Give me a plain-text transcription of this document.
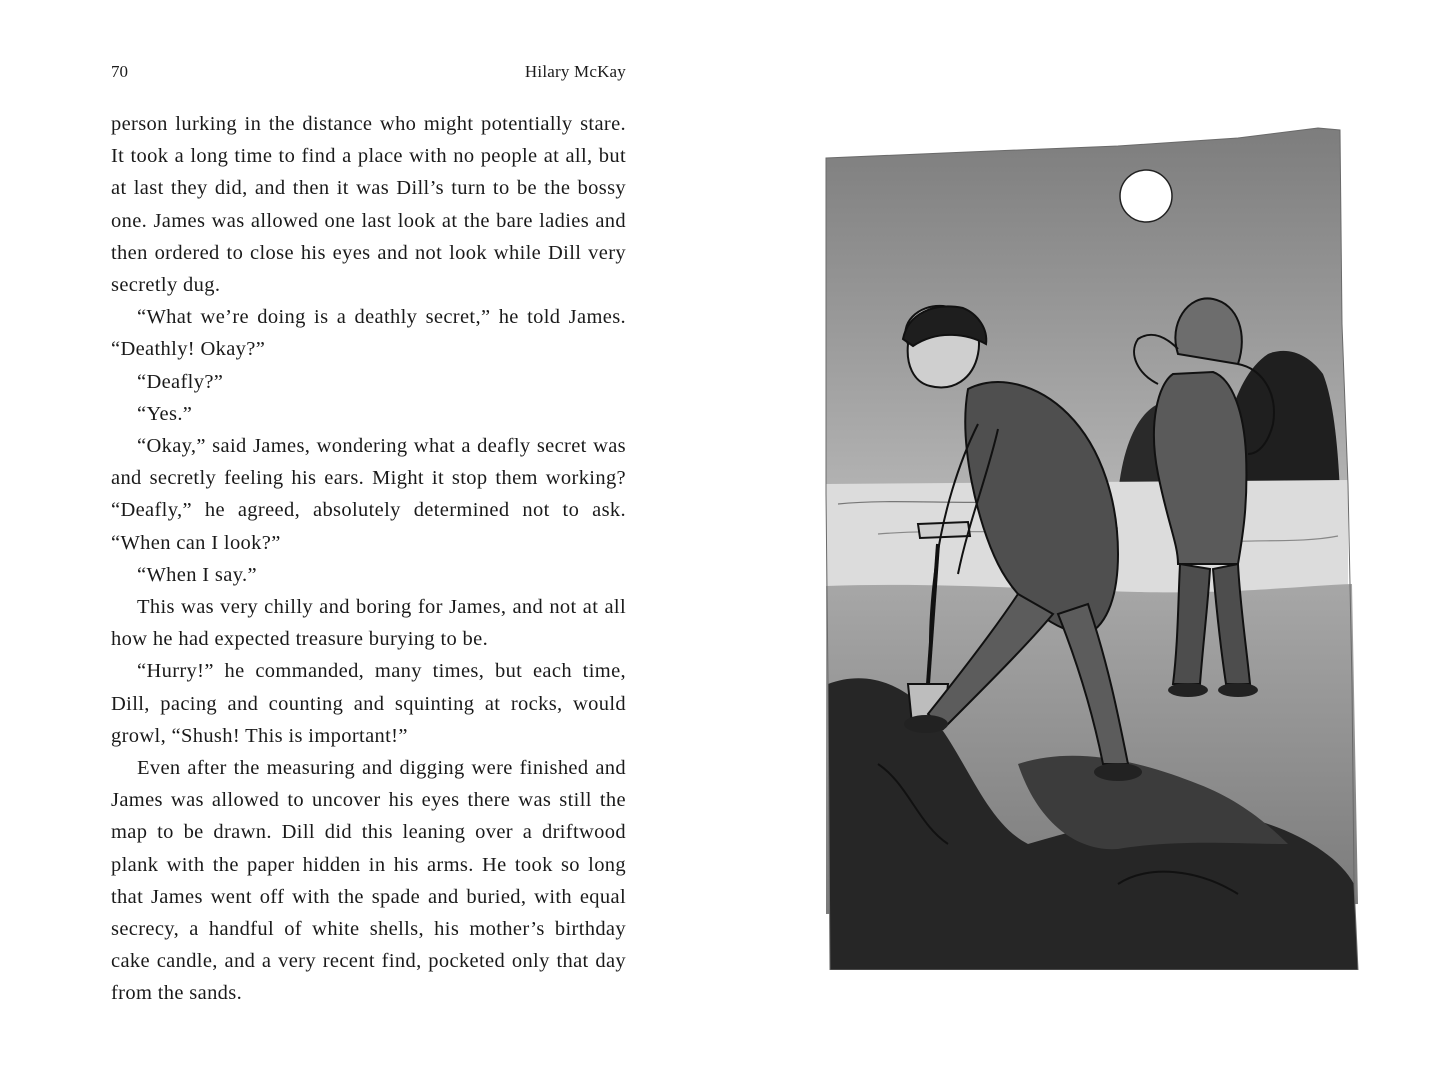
70	Hilary McKay

person lurking in the distance who might potentially stare. It took a long time to find a place with no people at all, but at last they did, and then it was Dill’s turn to be the bossy one. James was allowed one last look at the bare ladies and then ordered to close his eyes and not look while Dill very secretly dug.

“What we’re doing is a deathly secret,” he told James. “Deathly! Okay?”

“Deafly?”

“Yes.”

“Okay,” said James, wondering what a deafly secret was and secretly feeling his ears. Might it stop them working? “Deafly,” he agreed, absolutely determined not to ask. “When can I look?”

“When I say.”

This was very chilly and boring for James, and not at all how he had expected treasure burying to be.

“Hurry!” he commanded, many times, but each time, Dill, pacing and counting and squinting at rocks, would growl, “Shush! This is important!”

Even after the measuring and digging were finished and James was allowed to uncover his eyes there was still the map to be drawn. Dill did this leaning over a driftwood plank with the paper hidden in his arms. He took so long that James went off with the spade and buried, with equal secrecy, a handful of white shells, his mother’s birthday cake candle, and a very recent find, pocketed only that day from the sands.
